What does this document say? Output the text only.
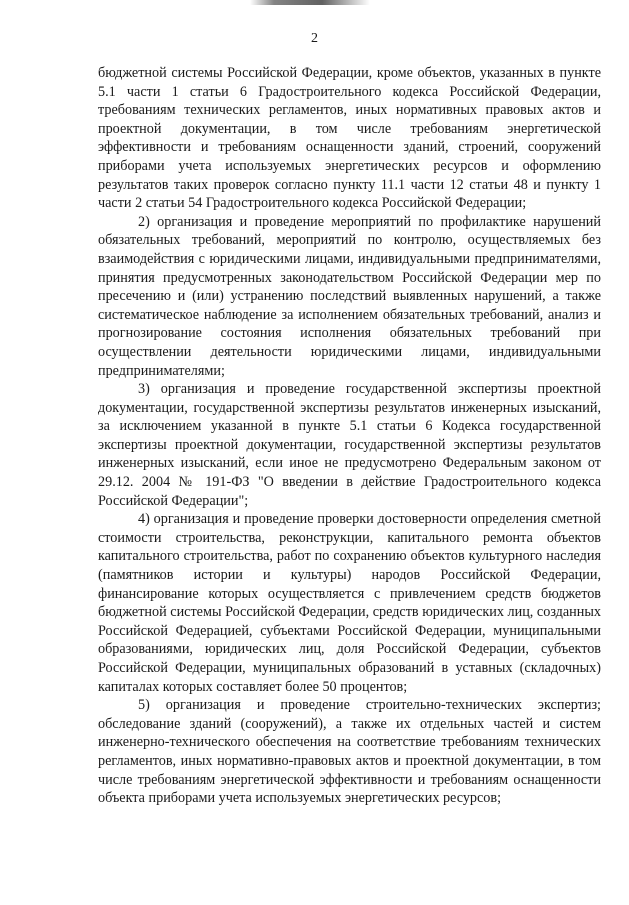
2

бюджетной системы Российской Федерации, кроме объектов, указанных в пункте 5.1 части 1 статьи 6 Градостроительного кодекса Российской Федерации, требованиям технических регламентов, иных нормативных правовых актов и проектной документации, в том числе требованиям энергетической эффективности и требованиям оснащенности зданий, строений, сооружений приборами учета используемых энергетических ресурсов и оформлению результатов таких проверок согласно пункту 11.1 части 12 статьи 48 и пункту 1 части 2 статьи 54 Градостроительного кодекса Российской Федерации;

2) организация и проведение мероприятий по профилактике нарушений обязательных требований, мероприятий по контролю, осуществляемых без взаимодействия с юридическими лицами, индивидуальными предпринимателями, принятия предусмотренных законодательством Российской Федерации мер по пресечению и (или) устранению последствий выявленных нарушений, а также систематическое наблюдение за исполнением обязательных требований, анализ и прогнозирование состояния исполнения обязательных требований при осуществлении деятельности юридическими лицами, индивидуальными предпринимателями;

3) организация и проведение государственной экспертизы проектной документации, государственной экспертизы результатов инженерных изысканий, за исключением указанной в пункте 5.1 статьи 6 Кодекса государственной экспертизы проектной документации, государственной экспертизы результатов инженерных изысканий, если иное не предусмотрено Федеральным законом от 29.12. 2004 № 191-ФЗ "О введении в действие Градостроительного кодекса Российской Федерации";

4) организация и проведение проверки достоверности определения сметной стоимости строительства, реконструкции, капитального ремонта объектов капитального строительства, работ по сохранению объектов культурного наследия (памятников истории и культуры) народов Российской Федерации, финансирование которых осуществляется с привлечением средств бюджетов бюджетной системы Российской Федерации, средств юридических лиц, созданных Российской Федерацией, субъектами Российской Федерации, муниципальными образованиями, юридических лиц, доля Российской Федерации, субъектов Российской Федерации, муниципальных образований в уставных (складочных) капиталах которых составляет более 50 процентов;

5) организация и проведение строительно-технических экспертиз; обследование зданий (сооружений), а также их отдельных частей и систем инженерно-технического обеспечения на соответствие требованиям технических регламентов, иных нормативно-правовых актов и проектной документации, в том числе требованиям энергетической эффективности и требованиям оснащенности объекта приборами учета используемых энергетических ресурсов;
